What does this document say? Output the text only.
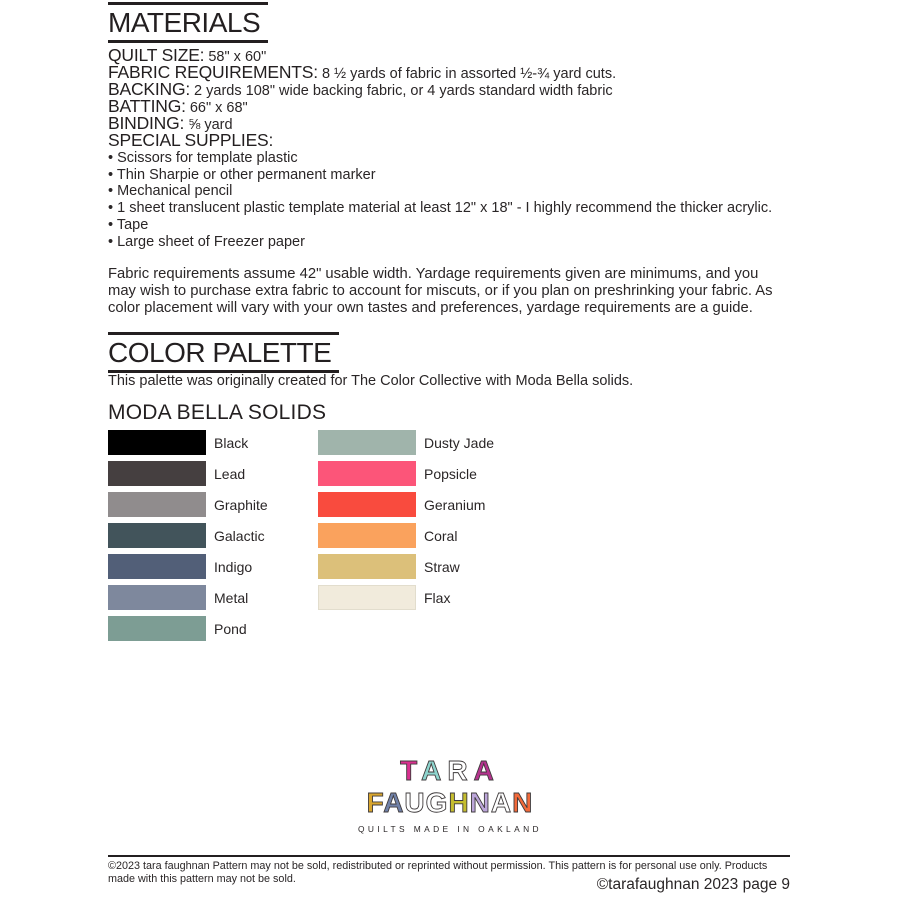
MATERIALS
QUILT SIZE: 58" x 60"
FABRIC REQUIREMENTS: 8 ½ yards of fabric in assorted ½-¾ yard cuts.
BACKING: 2 yards 108" wide backing fabric, or 4 yards standard width fabric
BATTING: 66" x 68"
BINDING: ⅝ yard
SPECIAL SUPPLIES:
• Scissors for template plastic
• Thin Sharpie or other permanent marker
• Mechanical pencil
• 1 sheet translucent plastic template material at least 12" x 18" - I highly recommend the thicker acrylic.
• Tape
• Large sheet of Freezer paper

Fabric requirements assume 42" usable width. Yardage requirements given are minimums, and you may wish to purchase extra fabric to account for miscuts, or if you plan on preshrinking your fabric. As color placement will vary with your own tastes and preferences, yardage requirements are a guide.

COLOR PALETTE

This palette was originally created for The Color Collective with Moda Bella solids.

MODA BELLA SOLIDS
Black
Lead
Graphite
Galactic
Indigo
Metal
Pond
Dusty Jade
Popsicle
Geranium
Coral
Straw
Flax
TARA
FAUGHNAN
QUILTS MADE IN OAKLAND

©2023 tara faughnan Pattern may not be sold, redistributed or reprinted without permission. This pattern is for personal use only. Products made with this pattern may not be sold.	©tarafaughnan 2023 page 9
